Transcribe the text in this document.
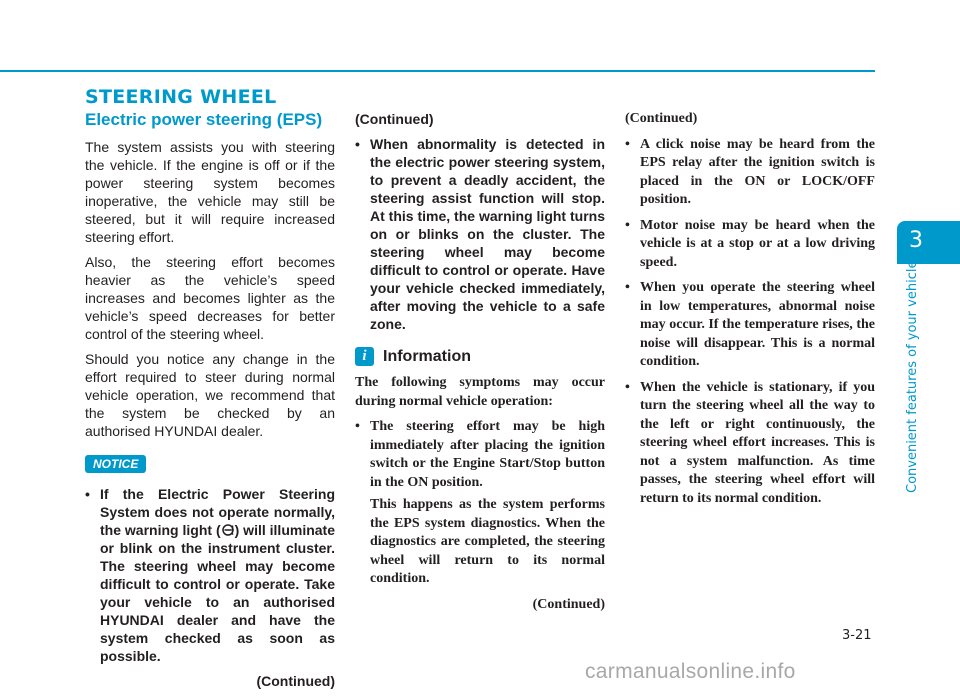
STEERING WHEEL
Electric power steering (EPS)

The system assists you with steering the vehicle. If the engine is off or if the power steering system becomes inoperative, the vehicle may still be steered, but it will require increased steering effort.

Also, the steering effort becomes heavier as the vehicle’s speed increases and becomes lighter as the vehicle’s speed decreases for better control of the steering wheel.

Should you notice any change in the effort required to steer during normal vehicle operation, we recommend that the system be checked by an authorised HYUNDAI dealer.

NOTICE
• If the Electric Power Steering System does not operate normally, the warning light ( ) will illuminate or blink on the instrument cluster. The steering wheel may become difficult to control or operate. Take your vehicle to an authorised HYUNDAI dealer and have the system checked as soon as possible.

(Continued)

(Continued)

• When abnormality is detected in the electric power steering system, to prevent a deadly accident, the steering assist function will stop. At this time, the warning light turns on or blinks on the cluster. The steering wheel may become difficult to control or operate. Have your vehicle checked immediately, after moving the vehicle to a safe zone.
i	Information

The following symptoms may occur during normal vehicle operation:

• The steering effort may be high immediately after placing the ignition switch or the Engine Start/Stop button in the ON position.

This happens as the system performs the EPS system diagnostics. When the diagnostics are completed, the steering wheel will return to its normal condition.

(Continued)

(Continued)

• A click noise may be heard from the EPS relay after the ignition switch is placed in the ON or LOCK/OFF position.
• Motor noise may be heard when the vehicle is at a stop or at a low driving speed.
• When you operate the steering wheel in low temperatures, abnormal noise may occur. If the temperature rises, the noise will disappear. This is a normal condition.
• When the vehicle is stationary, if you turn the steering wheel all the way to the left or right continuously, the steering wheel effort increases. This is not a system malfunction. As time passes, the steering wheel effort will return to its normal condition.
3
Convenient features of your vehicle
3-21
carmanualsonline.info
